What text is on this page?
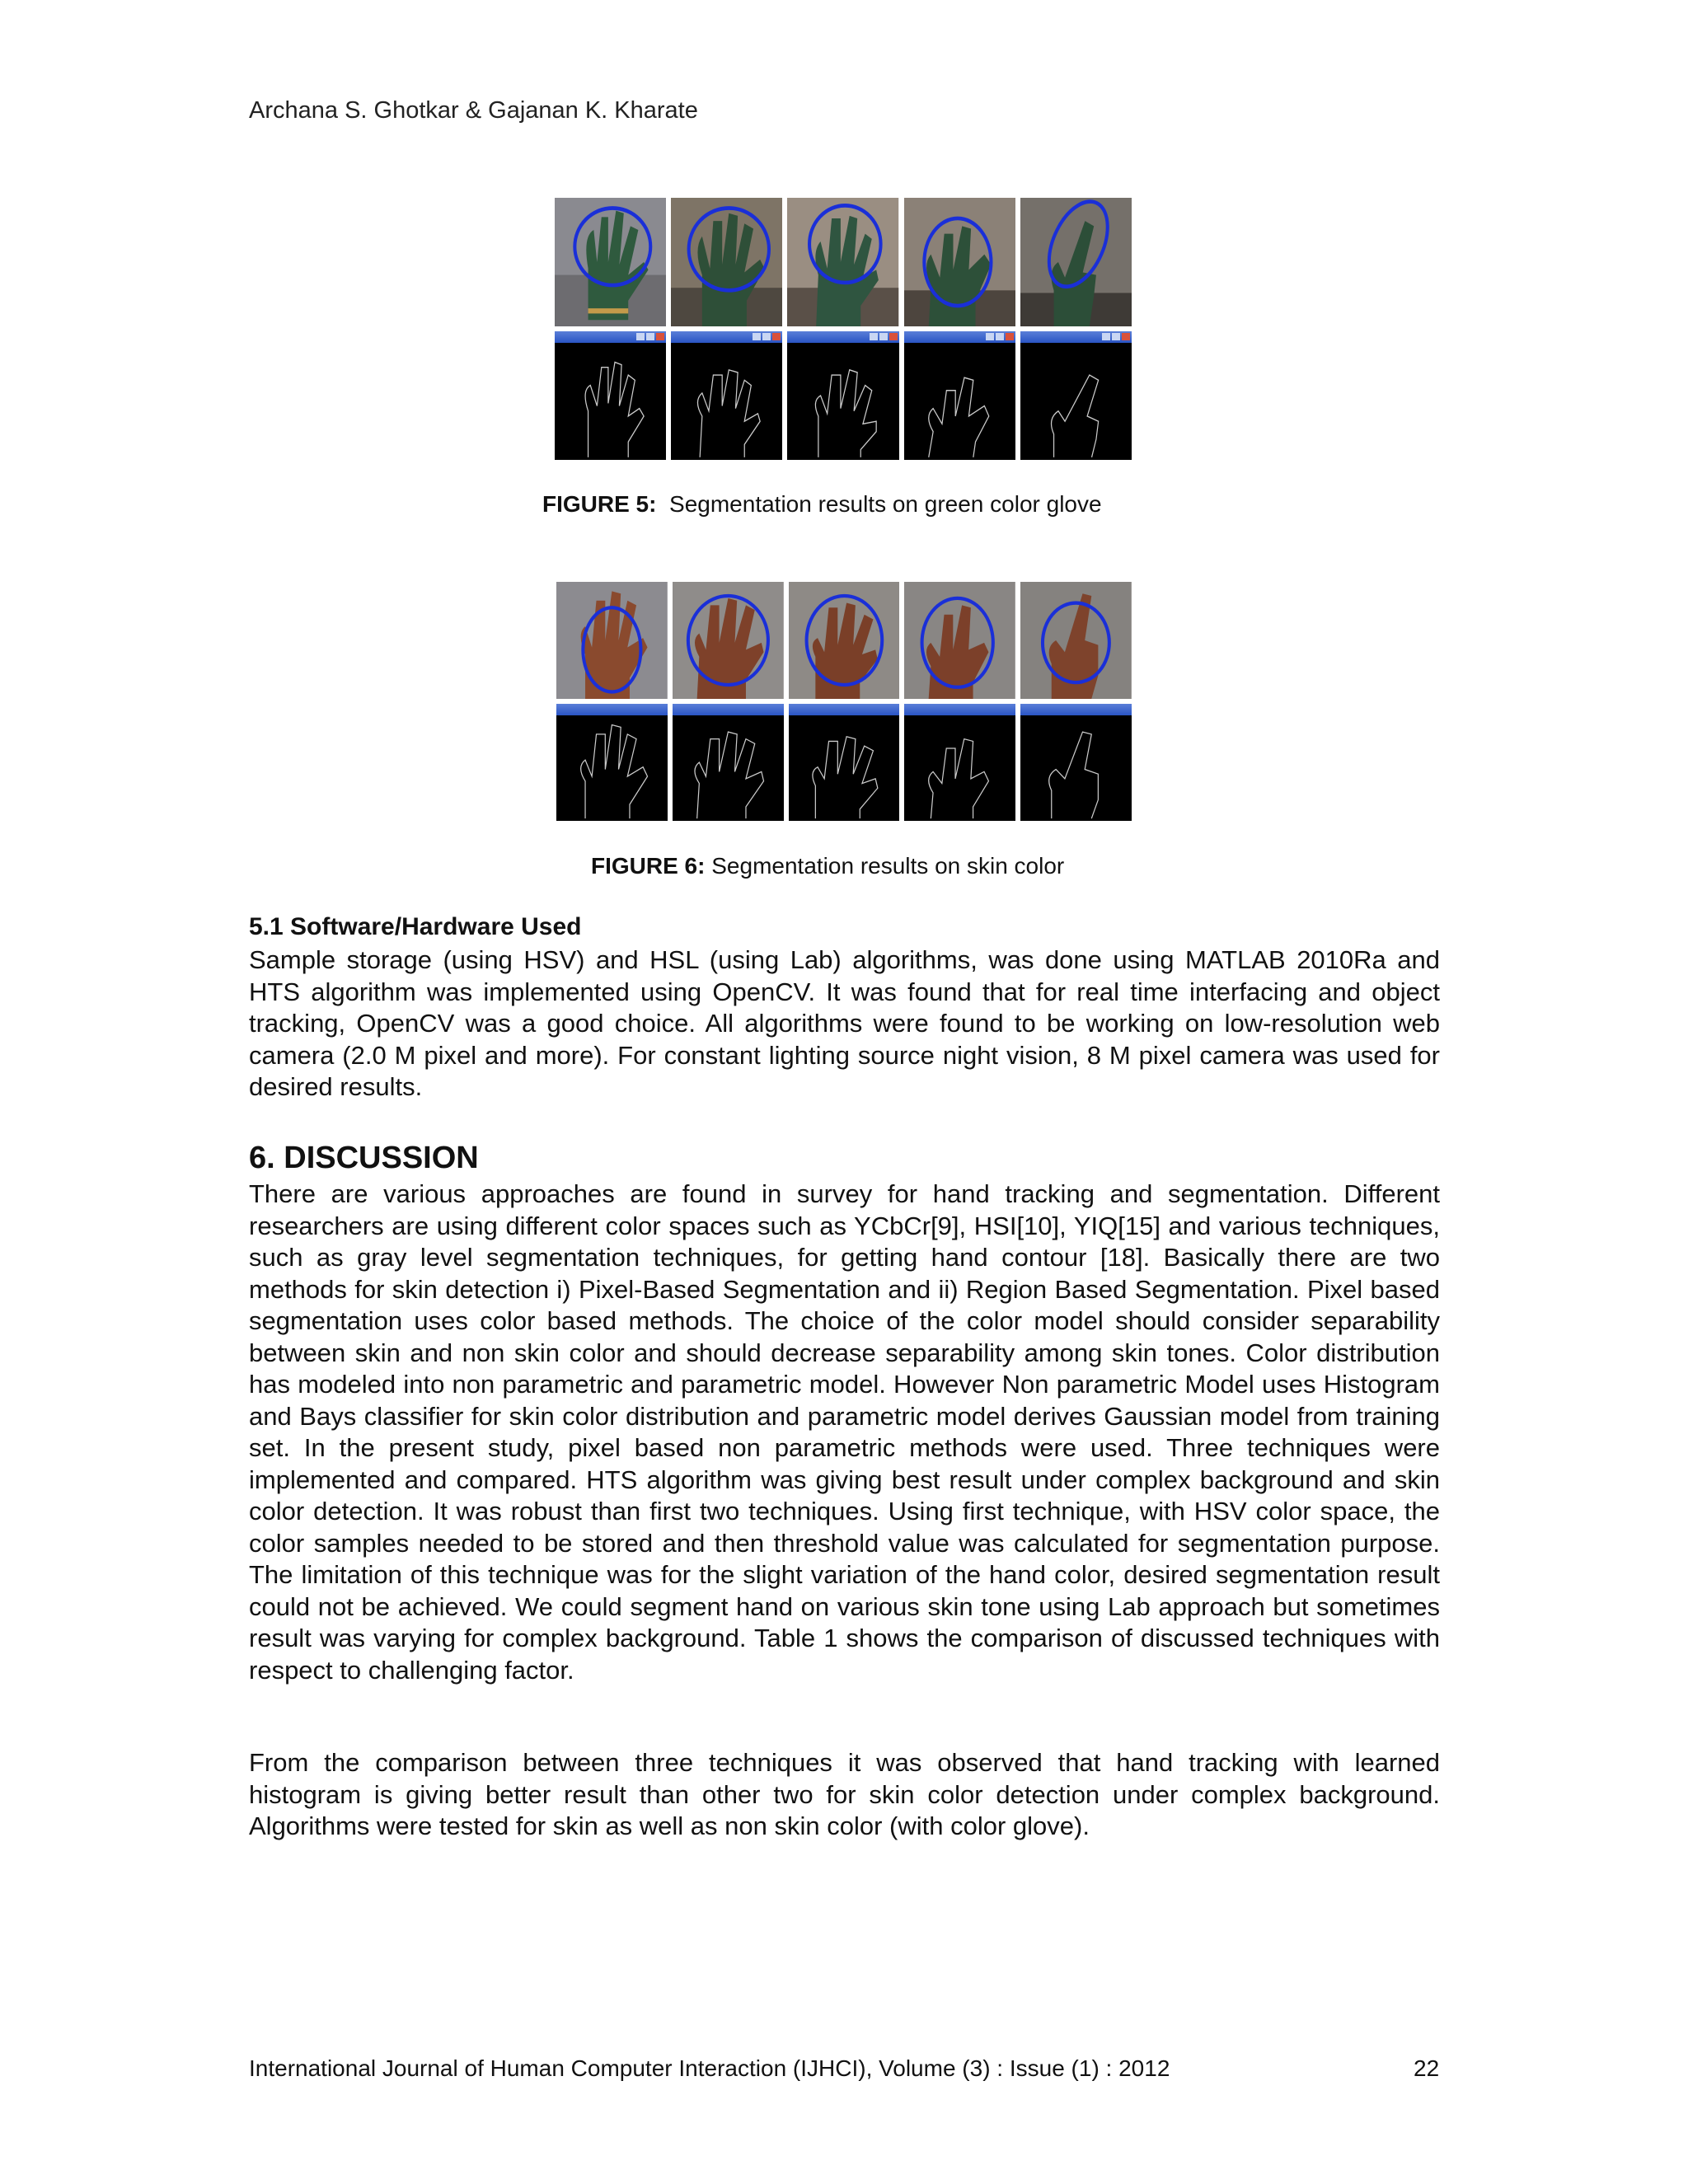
Archana S. Ghotkar & Gajanan K. Kharate
FIGURE 5: Segmentation results on green color glove
FIGURE 6: Segmentation results on skin color
5.1 Software/Hardware Used
Sample storage (using HSV) and HSL (using Lab) algorithms, was done using MATLAB 2010Ra and HTS algorithm was implemented using OpenCV. It was found that for real time interfacing and object tracking, OpenCV was a good choice. All algorithms were found to be working on low-resolution web camera (2.0 M pixel and more). For constant lighting source night vision, 8 M pixel camera was used for desired results.
6. DISCUSSION
There are various approaches are found in survey for hand tracking and segmentation. Different researchers are using different color spaces such as YCbCr[9], HSI[10], YIQ[15] and various techniques, such as gray level segmentation techniques, for getting hand contour [18]. Basically there are two methods for skin detection i) Pixel-Based Segmentation and ii) Region Based Segmentation. Pixel based segmentation uses color based methods. The choice of the color model should consider separability between skin and non skin color and should decrease separability among skin tones. Color distribution has modeled into non parametric and parametric model. However Non parametric Model uses Histogram and Bays classifier for skin color distribution and parametric model derives Gaussian model from training set. In the present study, pixel based non parametric methods were used. Three techniques were implemented and compared. HTS algorithm was giving best result under complex background and skin color detection. It was robust than first two techniques. Using first technique, with HSV color space, the color samples needed to be stored and then threshold value was calculated for segmentation purpose. The limitation of this technique was for the slight variation of the hand color, desired segmentation result could not be achieved. We could segment hand on various skin tone using Lab approach but sometimes result was varying for complex background. Table 1 shows the comparison of discussed techniques with respect to challenging factor.
From the comparison between three techniques it was observed that hand tracking with learned histogram is giving better result than other two for skin color detection under complex background. Algorithms were tested for skin as well as non skin color (with color glove).
International Journal of Human Computer Interaction (IJHCI), Volume (3) : Issue (1) : 2012	22
